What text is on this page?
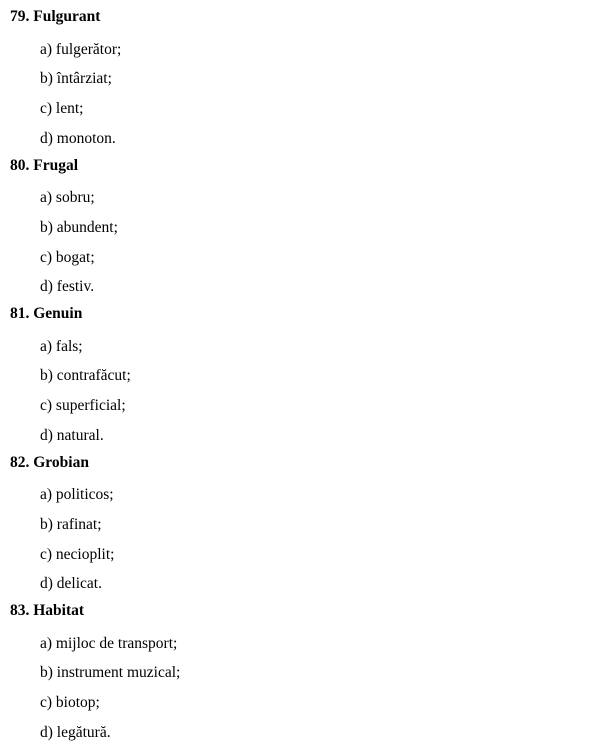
79. Fulgurant
a) fulgerător;
b) întârziat;
c) lent;
d) monoton.
80. Frugal
a) sobru;
b) abundent;
c) bogat;
d) festiv.
81. Genuin
a) fals;
b) contrafăcut;
c) superficial;
d) natural.
82. Grobian
a) politicos;
b) rafinat;
c) necioplit;
d) delicat.
83. Habitat
a) mijloc de transport;
b) instrument muzical;
c) biotop;
d) legătură.
